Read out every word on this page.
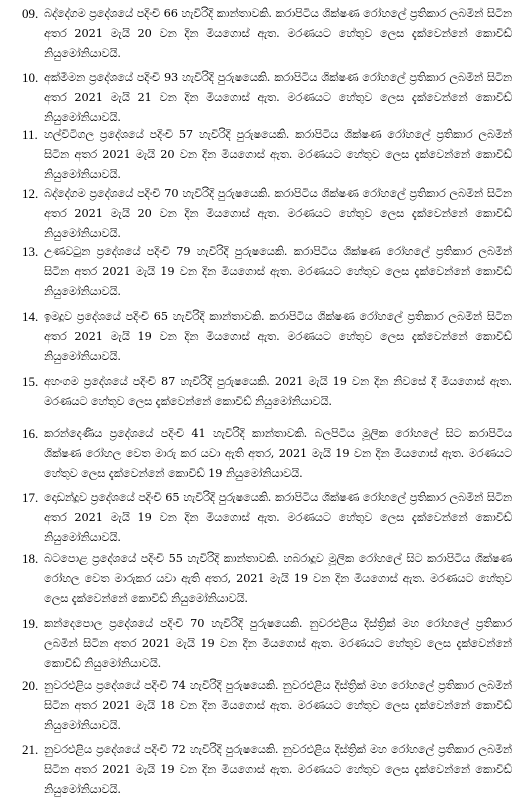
09. බද්දේගම ප්‍රදේශයේ පදිංචි 66 හැවිරිදි කාන්තාවකි. කරාපිටිය ශික්ෂණ රෝහලේ ප්‍රතිකාර ලබමින් සිටින අතර 2021 මැයි 20 වන දින මියගොස් ඇත. මරණයට හේතුව ලෙස දැක්වෙන්නේ කොවිඩ් නියුමෝනියාවයි.
10. අක්මීමන ප්‍රදේශයේ පදිංචි 93 හැවිරිදි පුරුෂයෙකි. කරාපිටිය ශික්ෂණ රෝහලේ ප්‍රතිකාර ලබමින් සිටින අතර 2021 මැයි 21 වන දින මියගොස් ඇත. මරණයට හේතුව ලෙස දැක්වෙන්නේ කොවිඩ් නියුමෝනියාවයි.
11. හල්විටිගල ප්‍රදේශයේ පදිංචි 57 හැවිරිදි පුරුෂයෙකි. කරාපිටිය ශික්ෂණ රෝහලේ ප්‍රතිකාර ලබමින් සිටින අතර 2021 මැයි 20 වන දින මියගොස් ඇත. මරණයට හේතුව ලෙස දැක්වෙන්නේ කොවිඩ් නියුමෝනියාවයි.
12. බද්දේගම ප්‍රදේශයේ පදිංචි 70 හැවිරිදි පුරුෂයෙකි. කරාපිටිය ශික්ෂණ රෝහලේ ප්‍රතිකාර ලබමින් සිටින අතර 2021 මැයි 20 වන දින මියගොස් ඇත. මරණයට හේතුව ලෙස දැක්වෙන්නේ කොවිඩ් නියුමෝනියාවයි.
13. උණවටුන ප්‍රදේශයේ පදිංචි 79 හැවිරිදි පුරුෂයෙකි. කරාපිටිය ශික්ෂණ රෝහලේ ප්‍රතිකාර ලබමින් සිටින අතර 2021 මැයි 19 වන දින මියගොස් ඇත. මරණයට හේතුව ලෙස දැක්වෙන්නේ කොවිඩ් නියුමෝනියාවයි.
14. ඉමදූව ප්‍රදේශයේ පදිංචි 65 හැවිරිදි කාන්තාවකි. කරාපිටිය ශික්ෂණ රෝහලේ ප්‍රතිකාර ලබමින් සිටින අතර 2021 මැයි 19 වන දින මියගොස් ඇත. මරණයට හේතුව ලෙස දැක්වෙන්නේ කොවිඩ් නියුමෝනියාවයි.
15. අහංගම ප්‍රදේශයේ පදිංචි 87 හැවිරිදි පුරුෂයෙකි. 2021 මැයි 19 වන දින නිවසේ දී මියගොස් ඇත. මරණයට හේතුව ලෙස දැක්වෙන්නේ කොවිඩ් නියුමෝනියාවයි.
16. කරන්දෙණිය ප්‍රදේශයේ පදිංචි 41 හැවිරිදි කාන්තාවකි. බලපිටිය මූලික රෝහලේ සිට කරාපිටිය ශික්ෂණ රෝහල වෙත මාරු කර යවා ඇති අතර, 2021 මැයි 19 වන දින මියගොස් ඇත. මරණයට හේතුව ලෙස දැක්වෙන්නේ කොවිඩ් 19 නියුමෝනියාවයි.
17. දොඩන්දූව ප්‍රදේශයේ පදිංචි 65 හැවිරිදි පුරුෂයෙකි. කරාපිටිය ශික්ෂණ රෝහලේ ප්‍රතිකාර ලබමින් සිටින අතර 2021 මැයි 19 වන දින මියගොස් ඇත. මරණයට හේතුව ලෙස දැක්වෙන්නේ කොවිඩ් නියුමෝනියාවයි.
18. බටපොළ ප්‍රදේශයේ පදිංචි 55 හැවිරිදි කාන්තාවකි. හබරාදූව මූලික රෝහලේ සිට කරාපිටිය ශික්ෂණ රෝහල වෙත මාරුකර යවා ඇති අතර, 2021 මැයි 19 වන දින මියගොස් ඇත. මරණයට හේතුව ලෙස දැක්වෙන්නේ කොවිඩ් නියුමෝනියාවයි.
19. කන්දෙපොල ප්‍රදේශයේ පදිංචි 70 හැවිරිදි පුරුෂයෙකි. නුවරඑළිය දිස්ත්‍රික් මහ රෝහලේ ප්‍රතිකාර ලබමින් සිටින අතර 2021 මැයි 19 වන දින මියගොස් ඇත. මරණයට හේතුව ලෙස දැක්වෙන්නේ කොවිඩ් නියුමෝනියාවයි.
20. නුවරඑළිය ප්‍රදේශයේ පදිංචි 74 හැවිරිදි පුරුෂයෙකි. නුවරඑළිය දිස්ත්‍රික් මහ රෝහලේ ප්‍රතිකාර ලබමින් සිටින අතර 2021 මැයි 18 වන දින මියගොස් ඇත. මරණයට හේතුව ලෙස දැක්වෙන්නේ කොවිඩ් නියුමෝනියාවයි.
21. නුවරඑළිය ප්‍රදේශයේ පදිංචි 72 හැවිරිදි පුරුෂයෙකි. නුවරඑළිය දිස්ත්‍රික් මහ රෝහලේ ප්‍රතිකාර ලබමින් සිටින අතර 2021 මැයි 19 වන දින මියගොස් ඇත. මරණයට හේතුව ලෙස දැක්වෙන්නේ කොවිඩ් නියුමෝනියාවයි.
